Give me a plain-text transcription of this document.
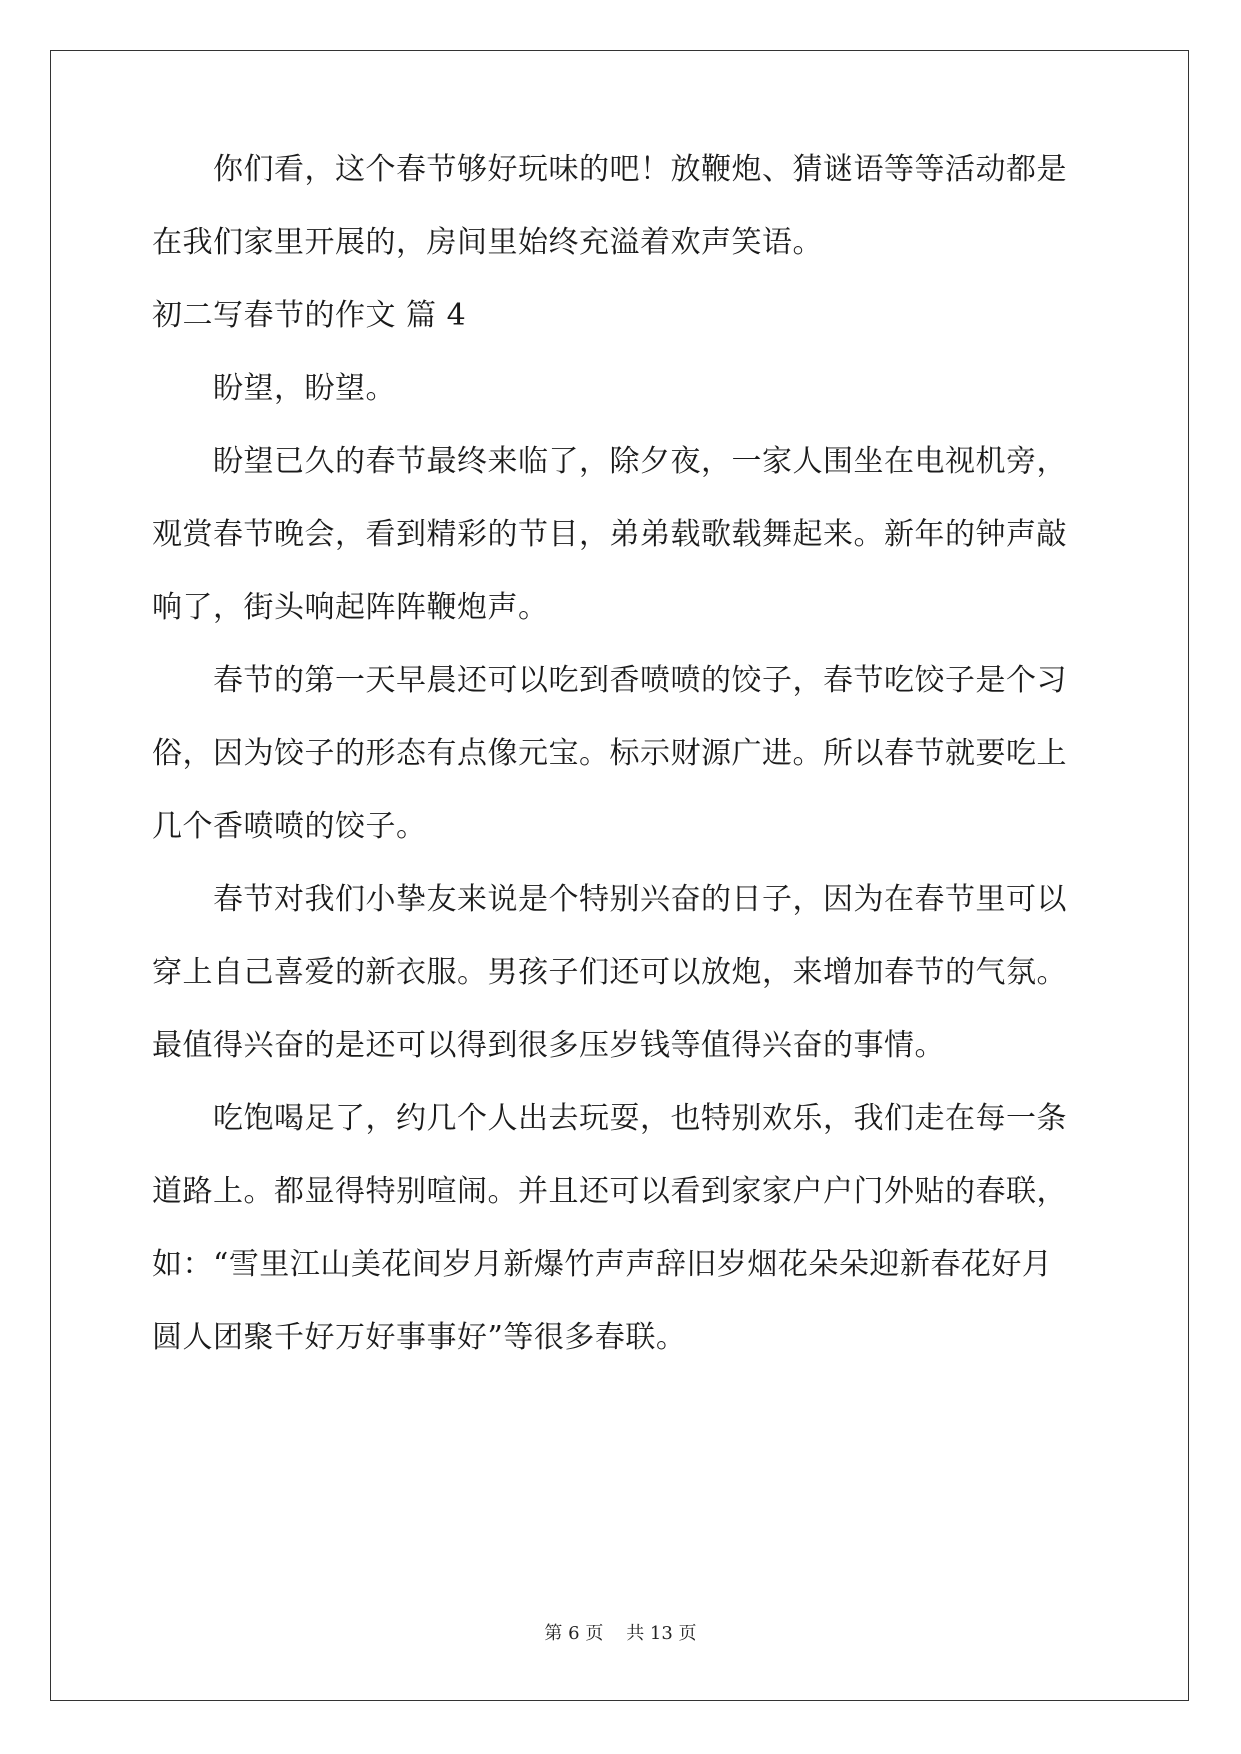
　　你们看，这个春节够好玩味的吧！放鞭炮、猜谜语等等活动都是
在我们家里开展的，房间里始终充溢着欢声笑语。
初二写春节的作文 篇 4
　　盼望，盼望。
　　盼望已久的春节最终来临了，除夕夜，一家人围坐在电视机旁，
观赏春节晚会，看到精彩的节目，弟弟载歌载舞起来。新年的钟声敲
响了，街头响起阵阵鞭炮声。
　　春节的第一天早晨还可以吃到香喷喷的饺子，春节吃饺子是个习
俗，因为饺子的形态有点像元宝。标示财源广进。所以春节就要吃上
几个香喷喷的饺子。
　　春节对我们小挚友来说是个特别兴奋的日子，因为在春节里可以
穿上自己喜爱的新衣服。男孩子们还可以放炮，来增加春节的气氛。
最值得兴奋的是还可以得到很多压岁钱等值得兴奋的事情。
　　吃饱喝足了，约几个人出去玩耍，也特别欢乐，我们走在每一条
道路上。都显得特别喧闹。并且还可以看到家家户户门外贴的春联，
如：“雪里江山美花间岁月新爆竹声声辞旧岁烟花朵朵迎新春花好月
圆人团聚千好万好事事好”等很多春联。
第 6 页    共 13 页
